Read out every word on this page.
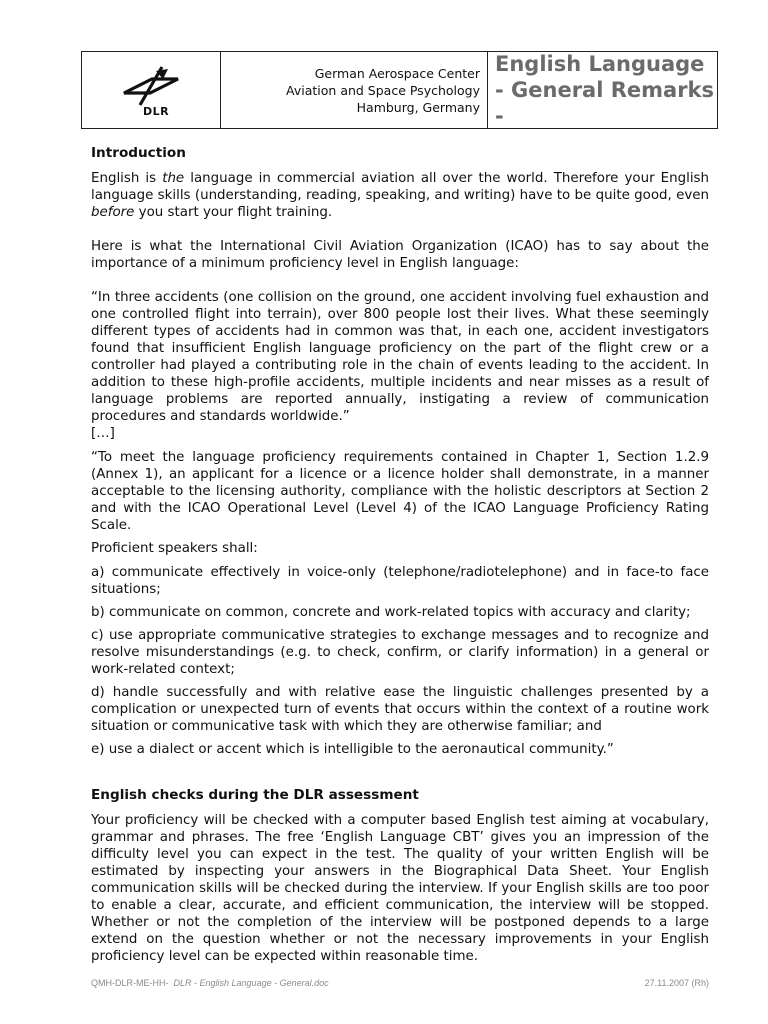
DLR
German Aerospace Center
Aviation and Space Psychology
Hamburg, Germany
English Language
- General Remarks -
Introduction

English is the language in commercial aviation all over the world. Therefore your English language skills (understanding, reading, speaking, and writing) have to be quite good, even before you start your flight training.

Here is what the International Civil Aviation Organization (ICAO) has to say about the importance of a minimum proficiency level in English language:

“In three accidents (one collision on the ground, one accident involving fuel exhaustion and one controlled flight into terrain), over 800 people lost their lives. What these seemingly different types of accidents had in common was that, in each one, accident investigators found that insufficient English language proficiency on the part of the flight crew or a controller had played a contributing role in the chain of events leading to the accident. In addition to these high-profile accidents, multiple incidents and near misses as a result of language problems are reported annually, instigating a review of communication procedures and standards worldwide.”

[…]

“To meet the language proficiency requirements contained in Chapter 1, Section 1.2.9 (Annex 1), an applicant for a licence or a licence holder shall demonstrate, in a manner acceptable to the licensing authority, compliance with the holistic descriptors at Section 2 and with the ICAO Operational Level (Level 4) of the ICAO Language Proficiency Rating Scale.

Proficient speakers shall:

a) communicate effectively in voice-only (telephone/radiotelephone) and in face-to face situations;

b) communicate on common, concrete and work-related topics with accuracy and clarity;

c) use appropriate communicative strategies to exchange messages and to recognize and resolve misunderstandings (e.g. to check, confirm, or clarify information) in a general or work-related context;

d) handle successfully and with relative ease the linguistic challenges presented by a complication or unexpected turn of events that occurs within the context of a routine work situation or communicative task with which they are otherwise familiar; and

e) use a dialect or accent which is intelligible to the aeronautical community.”

English checks during the DLR assessment

Your proficiency will be checked with a computer based English test aiming at vocabulary, grammar and phrases. The free ‘English Language CBT’ gives you an impression of the difficulty level you can expect in the test. The quality of your written English will be estimated by inspecting your answers in the Biographical Data Sheet. Your English communication skills will be checked during the interview. If your English skills are too poor to enable a clear, accurate, and efficient communication, the interview will be stopped. Whether or not the completion of the interview will be postponed depends to a large extend on the question whether or not the necessary improvements in your English proficiency level can be expected within reasonable time.

QMH-DLR-ME-HH- DLR - English Language - General.doc	27.11.2007 (Rh)
